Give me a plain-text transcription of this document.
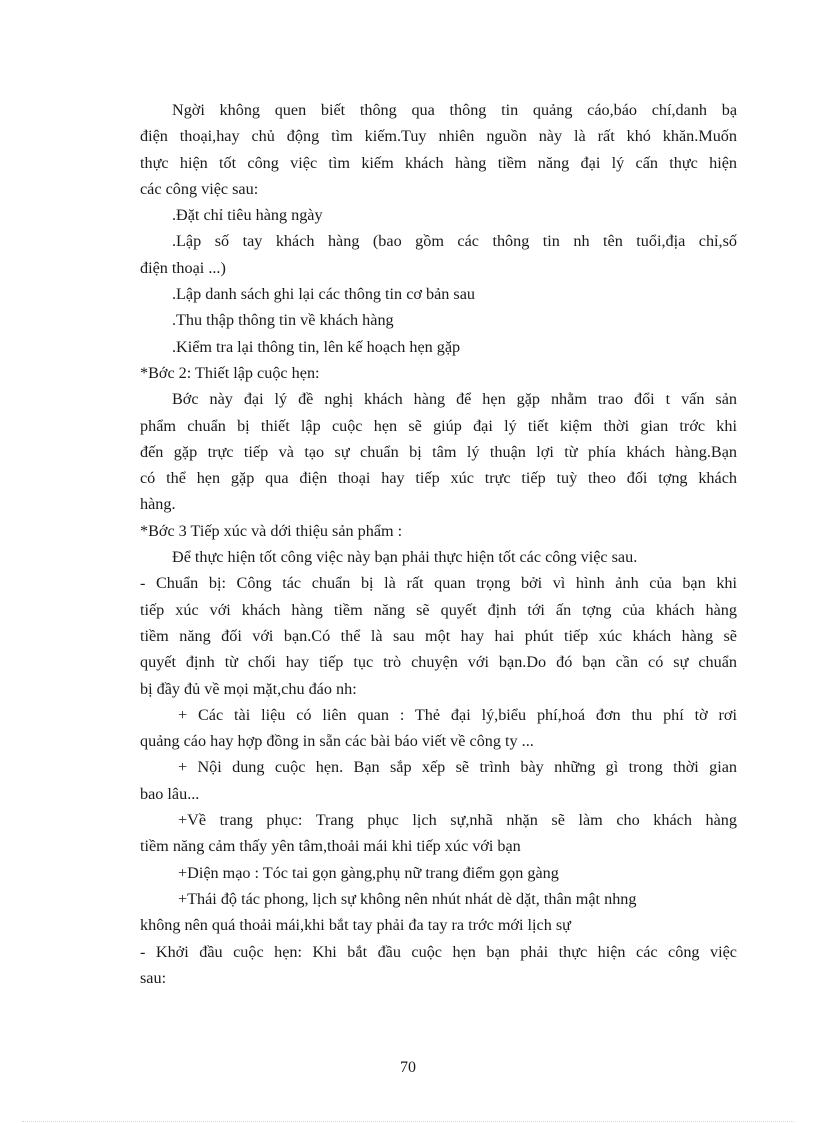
Ngời không quen biết thông qua thông tin quảng cáo,báo chí,danh bạ
điện thoại,hay chủ động tìm kiếm.Tuy nhiên nguồn này là rất khó khăn.Muốn
thực hiện tốt công việc tìm kiếm khách hàng tiềm năng đại lý cấn thực hiện
các công việc sau:
.Đặt chỉ tiêu hàng ngày
.Lập số tay khách hàng (bao gồm các thông tin nh tên tuổi,địa chỉ,số
điện thoại ...)
.Lập danh sách ghi lại các thông tin cơ bản sau
.Thu thập thông tin về khách hàng
.Kiểm tra lại thông tin, lên kế hoạch hẹn gặp
*Bớc 2: Thiết lập cuộc hẹn:
Bớc này đại lý đề nghị khách hàng để hẹn gặp nhằm trao đổi t vấn sản
phẩm chuẩn bị thiết lập cuộc hẹn sẽ giúp đại lý tiết kiệm thời gian trớc khi
đến gặp trực tiếp và tạo sự chuẩn bị tâm lý thuận lợi từ phía khách hàng.Bạn
có thể hẹn gặp qua điện thoại hay tiếp xúc trực tiếp tuỳ theo đối tợng khách
hàng.
*Bớc 3 Tiếp xúc và dới thiệu sản phẩm :
Để thực hiện tốt công việc này bạn phải thực hiện tốt các công việc sau.
- Chuẩn bị: Công tác chuẩn bị là rất quan trọng bởi vì hình ảnh của bạn khi
tiếp xúc với khách hàng tiềm năng sẽ quyết định tới ấn tợng của khách hàng
tiềm năng đối với bạn.Có thể là sau một hay hai phút tiếp xúc khách hàng sẽ
quyết định từ chối hay tiếp tục trò chuyện với bạn.Do đó bạn cần có sự chuẩn
bị đầy đủ về mọi mặt,chu đáo nh:
+ Các tài liệu có liên quan : Thẻ đại lý,biểu phí,hoá đơn thu phí tờ rơi
quảng cáo hay hợp đồng in sẵn các bài báo viết về công ty ...
+ Nội dung cuộc hẹn. Bạn sắp xếp sẽ trình bày những gì trong thời gian
bao lâu...
+Về trang phục: Trang phục lịch sự,nhã nhặn sẽ làm cho khách hàng
tiềm năng cảm thấy yên tâm,thoải mái khi tiếp xúc với bạn
+Diện mạo : Tóc tai gọn gàng,phụ nữ trang điểm gọn gàng
+Thái độ tác phong, lịch sự không nên nhút nhát dè dặt, thân mật nhng
không nên quá thoải mái,khi bắt tay phải đa tay ra trớc mới lịch sự
- Khởi đầu cuộc hẹn: Khi bắt đầu cuộc hẹn bạn phải thực hiện các công việc
sau:
70
